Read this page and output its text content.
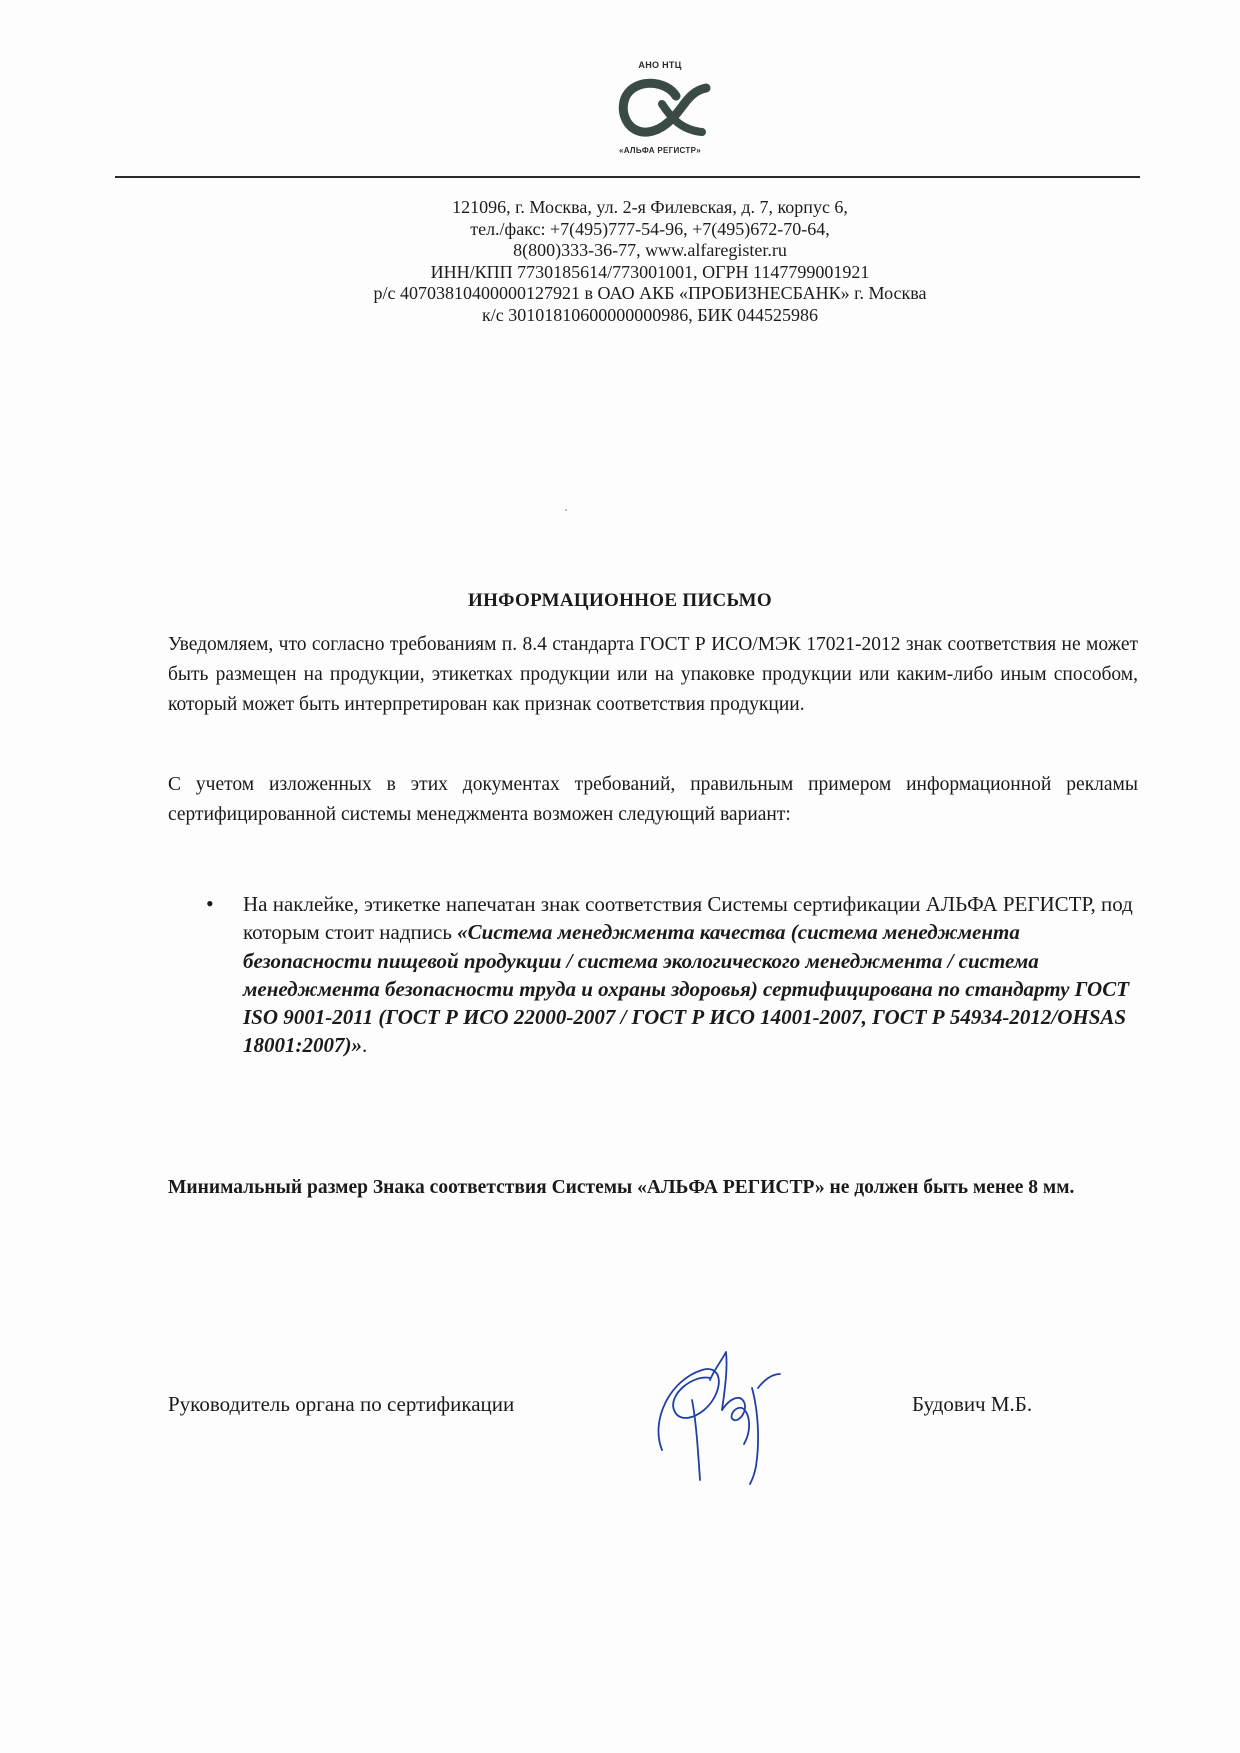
АНО НТЦ
«АЛЬФА РЕГИСТР»
121096, г. Москва, ул. 2-я Филевская, д. 7, корпус 6,
тел./факс: +7(495)777-54-96, +7(495)672-70-64,
8(800)333-36-77, www.alfaregister.ru
ИНН/КПП 7730185614/773001001, ОГРН 1147799001921
р/с 40703810400000127921 в ОАО АКБ «ПРОБИЗНЕСБАНК» г. Москва
к/с 30101810600000000986, БИК 044525986
ИНФОРМАЦИОННОЕ ПИСЬМО
Уведомляем, что согласно требованиям п. 8.4 стандарта ГОСТ Р ИСО/МЭК 17021-2012 знак соответствия не может быть размещен на продукции, этикетках продукции или на упаковке продукции или каким-либо иным способом, который может быть интерпретирован как признак соответствия продукции.
С учетом изложенных в этих документах требований, правильным примером информационной рекламы сертифицированной системы менеджмента возможен следующий вариант:
• На наклейке, этикетке напечатан знак соответствия Системы сертификации АЛЬФА РЕГИСТР, под которым стоит надпись «Система менеджмента качества (система менеджмента безопасности пищевой продукции / система экологического менеджмента / система менеджмента безопасности труда и охраны здоровья) сертифицирована по стандарту ГОСТ ISO 9001-2011 (ГОСТ Р ИСО 22000-2007 / ГОСТ Р ИСО 14001-2007, ГОСТ Р 54934-2012/OHSAS 18001:2007)».
Минимальный размер Знака соответствия Системы «АЛЬФА РЕГИСТР» не должен быть менее 8 мм.
Руководитель органа по сертификации	Будович М.Б.
